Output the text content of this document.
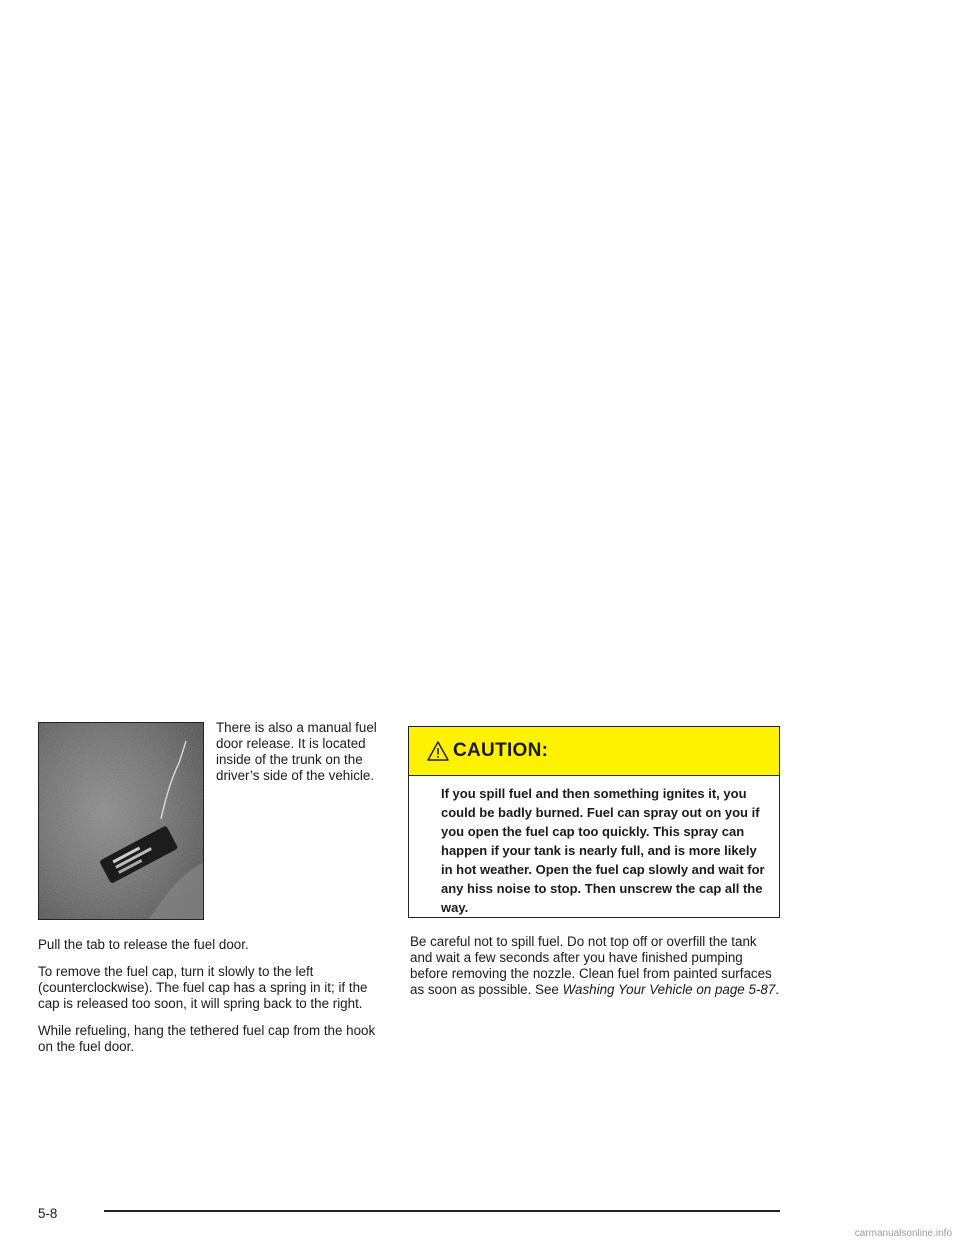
There is also a manual fuel door release. It is located inside of the trunk on the driver’s side of the vehicle.

Pull the tab to release the fuel door.

To remove the fuel cap, turn it slowly to the left (counterclockwise). The fuel cap has a spring in it; if the cap is released too soon, it will spring back to the right.

While refueling, hang the tethered fuel cap from the hook on the fuel door.

CAUTION:
If you spill fuel and then something ignites it, you could be badly burned. Fuel can spray out on you if you open the fuel cap too quickly. This spray can happen if your tank is nearly full, and is more likely in hot weather. Open the fuel cap slowly and wait for any hiss noise to stop. Then unscrew the cap all the way.

Be careful not to spill fuel. Do not top off or overfill the tank and wait a few seconds after you have finished pumping before removing the nozzle. Clean fuel from painted surfaces as soon as possible. See Washing Your Vehicle on page 5-87.

5-8
carmanualsonline.info
